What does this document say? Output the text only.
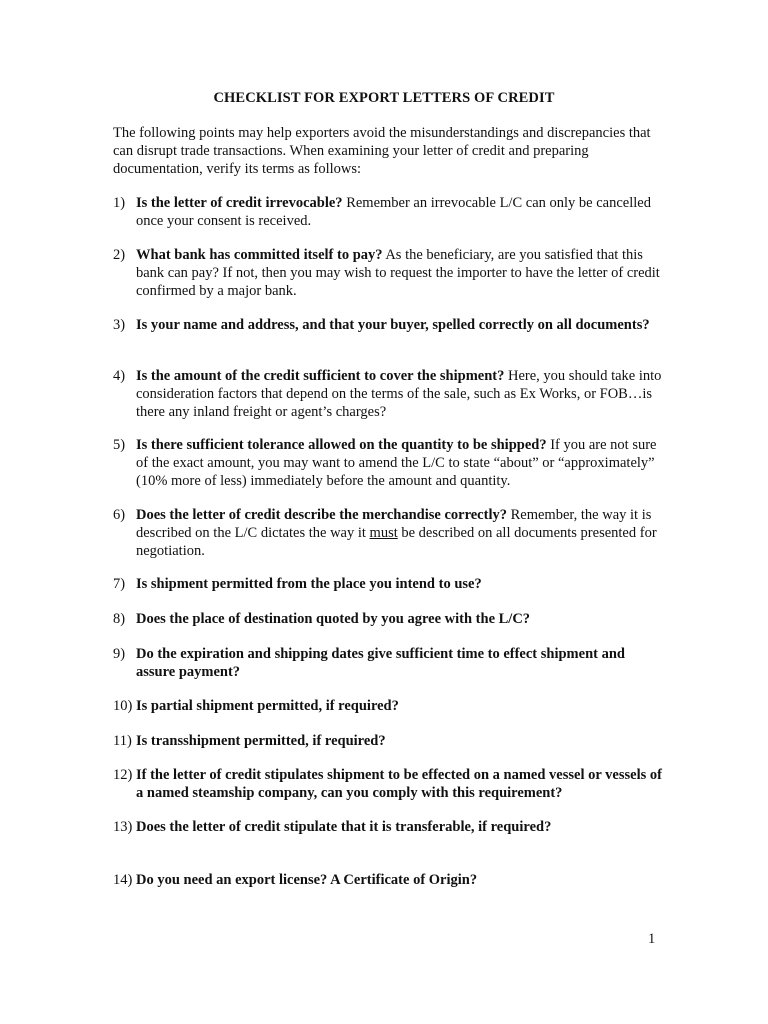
CHECKLIST FOR EXPORT LETTERS OF CREDIT
The following points may help exporters avoid the misunderstandings and discrepancies that can disrupt trade transactions. When examining your letter of credit and preparing documentation, verify its terms as follows:
1) Is the letter of credit irrevocable? Remember an irrevocable L/C can only be cancelled once your consent is received.
2) What bank has committed itself to pay? As the beneficiary, are you satisfied that this bank can pay? If not, then you may wish to request the importer to have the letter of credit confirmed by a major bank.
3) Is your name and address, and that your buyer, spelled correctly on all documents?
4) Is the amount of the credit sufficient to cover the shipment? Here, you should take into consideration factors that depend on the terms of the sale, such as Ex Works, or FOB…is there any inland freight or agent’s charges?
5) Is there sufficient tolerance allowed on the quantity to be shipped? If you are not sure of the exact amount, you may want to amend the L/C to state “about” or “approximately” (10% more of less) immediately before the amount and quantity.
6) Does the letter of credit describe the merchandise correctly? Remember, the way it is described on the L/C dictates the way it must be described on all documents presented for negotiation.
7) Is shipment permitted from the place you intend to use?
8) Does the place of destination quoted by you agree with the L/C?
9) Do the expiration and shipping dates give sufficient time to effect shipment and assure payment?
10) Is partial shipment permitted, if required?
11) Is transshipment permitted, if required?
12) If the letter of credit stipulates shipment to be effected on a named vessel or vessels of a named steamship company, can you comply with this requirement?
13) Does the letter of credit stipulate that it is transferable, if required?
14) Do you need an export license? A Certificate of Origin?
1
